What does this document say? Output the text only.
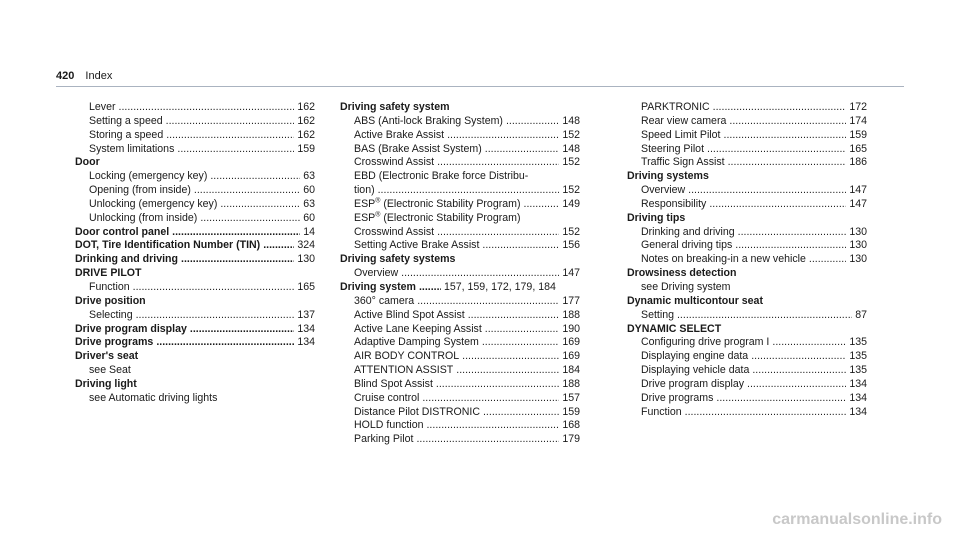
420 Index
Lever .....	162
Setting a speed .....	162
Storing a speed .....	162
System limitations .....	159
Door
Locking (emergency key) .....	63
Opening (from inside) .....	60
Unlocking (emergency key) .....	63
Unlocking (from inside) .....	60
Door control panel .....	14
DOT, Tire Identification Number (TIN) .....	324
Drinking and driving .....	130
DRIVE PILOT
Function .....	165
Drive position
Selecting .....	137
Drive program display .....	134
Drive programs .....	134
Driver's seat
see Seat
Driving light
see Automatic driving lights
Driving safety system
ABS (Anti-lock Braking System) .....	148
Active Brake Assist .....	152
BAS (Brake Assist System) .....	148
Crosswind Assist .....	152
EBD (Electronic Brake force Distribu-
tion) .....	152
ESP® (Electronic Stability Program) .....	149
ESP® (Electronic Stability Program)
Crosswind Assist .....	152
Setting Active Brake Assist .....	156
Driving safety systems
Overview .....	147
Driving system .....	157, 159, 172, 179, 184
360° camera .....	177
Active Blind Spot Assist .....	188
Active Lane Keeping Assist .....	190
Adaptive Damping System .....	169
AIR BODY CONTROL .....	169
ATTENTION ASSIST .....	184
Blind Spot Assist .....	188
Cruise control .....	157
Distance Pilot DISTRONIC .....	159
HOLD function .....	168
Parking Pilot .....	179
PARKTRONIC .....	172
Rear view camera .....	174
Speed Limit Pilot .....	159
Steering Pilot .....	165
Traffic Sign Assist .....	186
Driving systems
Overview .....	147
Responsibility .....	147
Driving tips
Drinking and driving .....	130
General driving tips .....	130
Notes on breaking-in a new vehicle .....	130
Drowsiness detection
see Driving system
Dynamic multicontour seat
Setting .....	87
DYNAMIC SELECT
Configuring drive program I .....	135
Displaying engine data .....	135
Displaying vehicle data .....	135
Drive program display .....	134
Drive programs .....	134
Function .....	134
carmanualsonline.info
